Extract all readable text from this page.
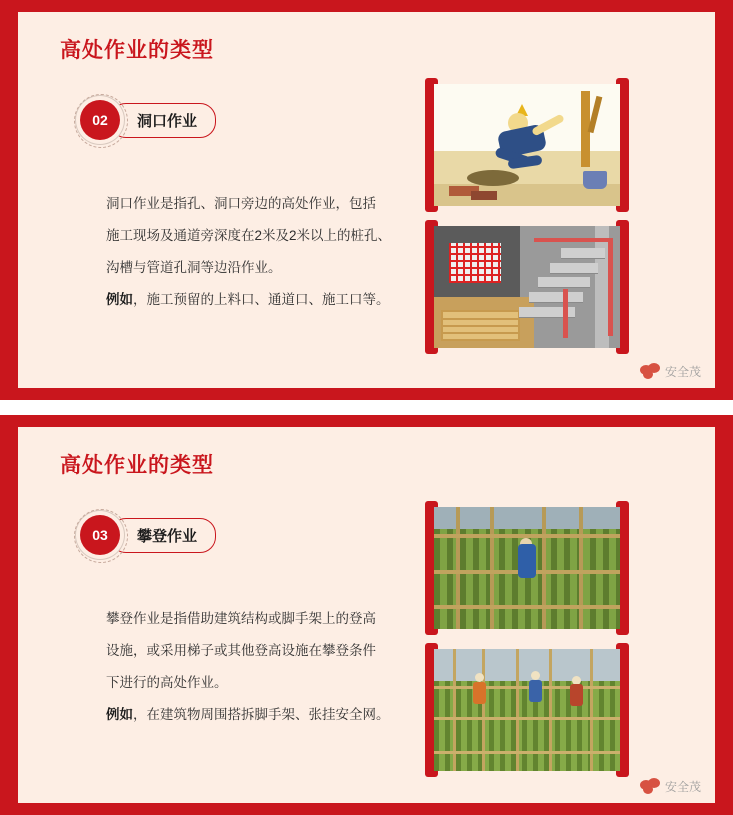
高处作业的类型
02	洞口作业

洞口作业是指孔、洞口旁边的高处作业，包括

施工现场及通道旁深度在2米及2米以上的桩孔、

沟槽与管道孔洞等边沿作业。

例如，施工预留的上料口、通道口、施工口等。

安全茂
高处作业的类型
03	攀登作业

攀登作业是指借助建筑结构或脚手架上的登高

设施，或采用梯子或其他登高设施在攀登条件

下进行的高处作业。

例如，在建筑物周围搭拆脚手架、张挂安全网。

安全茂
